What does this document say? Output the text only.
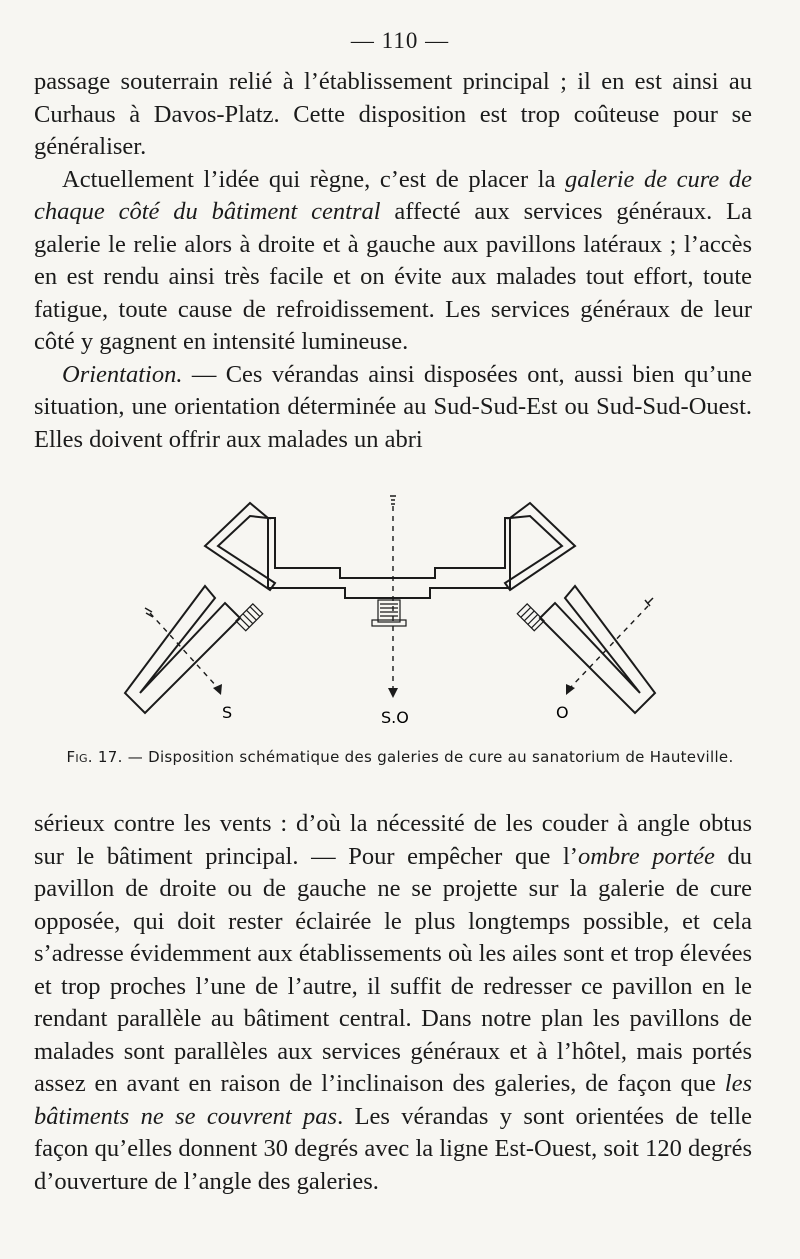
— 110 —

passage souterrain relié à l’établissement principal ; il en est ainsi au Curhaus à Davos-Platz. Cette disposition est trop coûteuse pour se généraliser.

Actuellement l’idée qui règne, c’est de placer la galerie de cure de chaque côté du bâtiment central affecté aux services généraux. La galerie le relie alors à droite et à gauche aux pavillons latéraux ; l’accès en est rendu ainsi très facile et on évite aux malades tout effort, toute fatigue, toute cause de refroidissement. Les services généraux de leur côté y gagnent en intensité lumineuse.

Orientation. — Ces vérandas ainsi disposées ont, aussi bien qu’une situation, une orientation déterminée au Sud-Sud-Est ou Sud-Sud-Ouest. Elles doivent offrir aux malades un abri

S	S.O	O
Fig. 17. — Disposition schématique des galeries de cure au sanatorium de Hauteville.

sérieux contre les vents : d’où la nécessité de les couder à angle obtus sur le bâtiment principal. — Pour empêcher que l’ombre portée du pavillon de droite ou de gauche ne se projette sur la galerie de cure opposée, qui doit rester éclairée le plus longtemps possible, et cela s’adresse évidemment aux établissements où les ailes sont et trop élevées et trop proches l’une de l’autre, il suffit de redresser ce pavillon en le rendant parallèle au bâtiment central. Dans notre plan les pavillons de malades sont parallèles aux services généraux et à l’hôtel, mais portés assez en avant en raison de l’inclinaison des galeries, de façon que les bâtiments ne se couvrent pas. Les vérandas y sont orientées de telle façon qu’elles donnent 30 degrés avec la ligne Est-Ouest, soit 120 degrés d’ouverture de l’angle des galeries.
